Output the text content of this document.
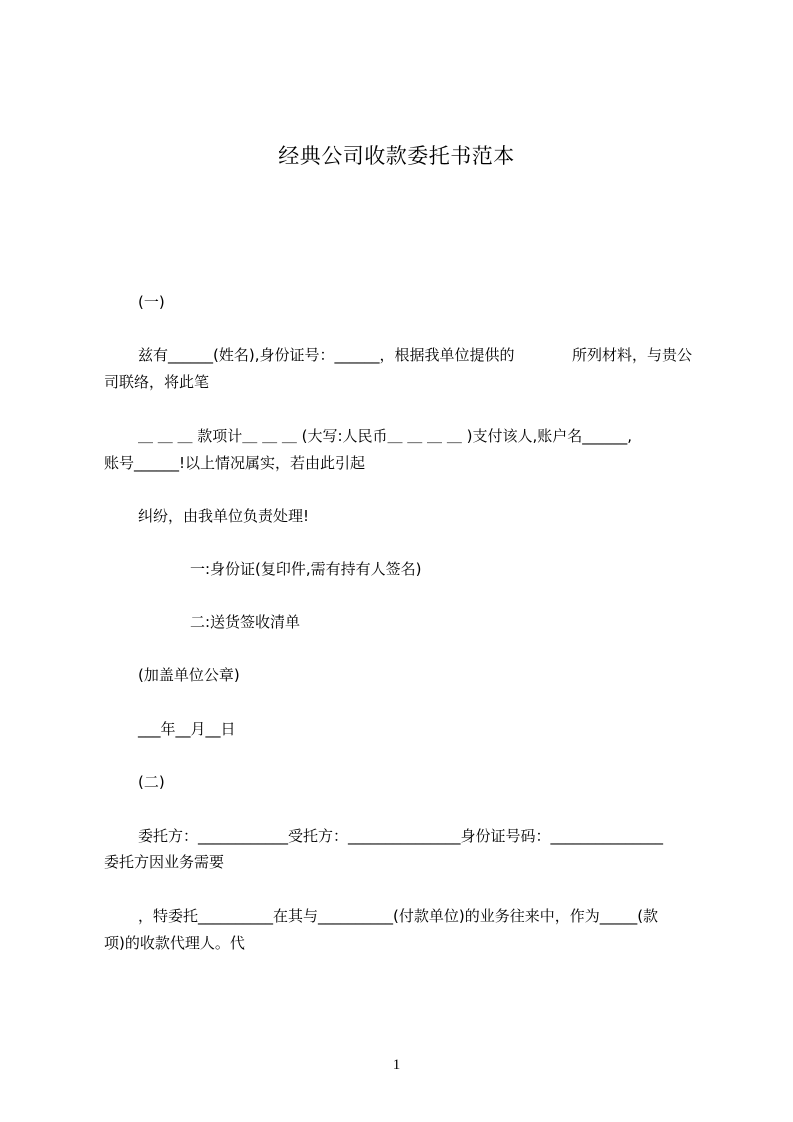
经典公司收款委托书范本
(一)
兹有______(姓名),身份证号：______，根据我单位提供的	所列材料，与贵公
司联络，将此笔
＿ ＿ ＿ 款项计＿ ＿ ＿ (大写:人民币＿ ＿ ＿ ＿ )支付该人,账户名______,
账号______!以上情况属实，若由此引起
纠纷，由我单位负责处理!
一:身份证(复印件,需有持有人签名)
二:送货签收清单
(加盖单位公章)
___年__月__日
(二)
委托方：____________受托方：_______________身份证号码：_______________
委托方因业务需要
，特委托__________在其与__________(付款单位)的业务往来中，作为_____(款
项)的收款代理人。代
1
